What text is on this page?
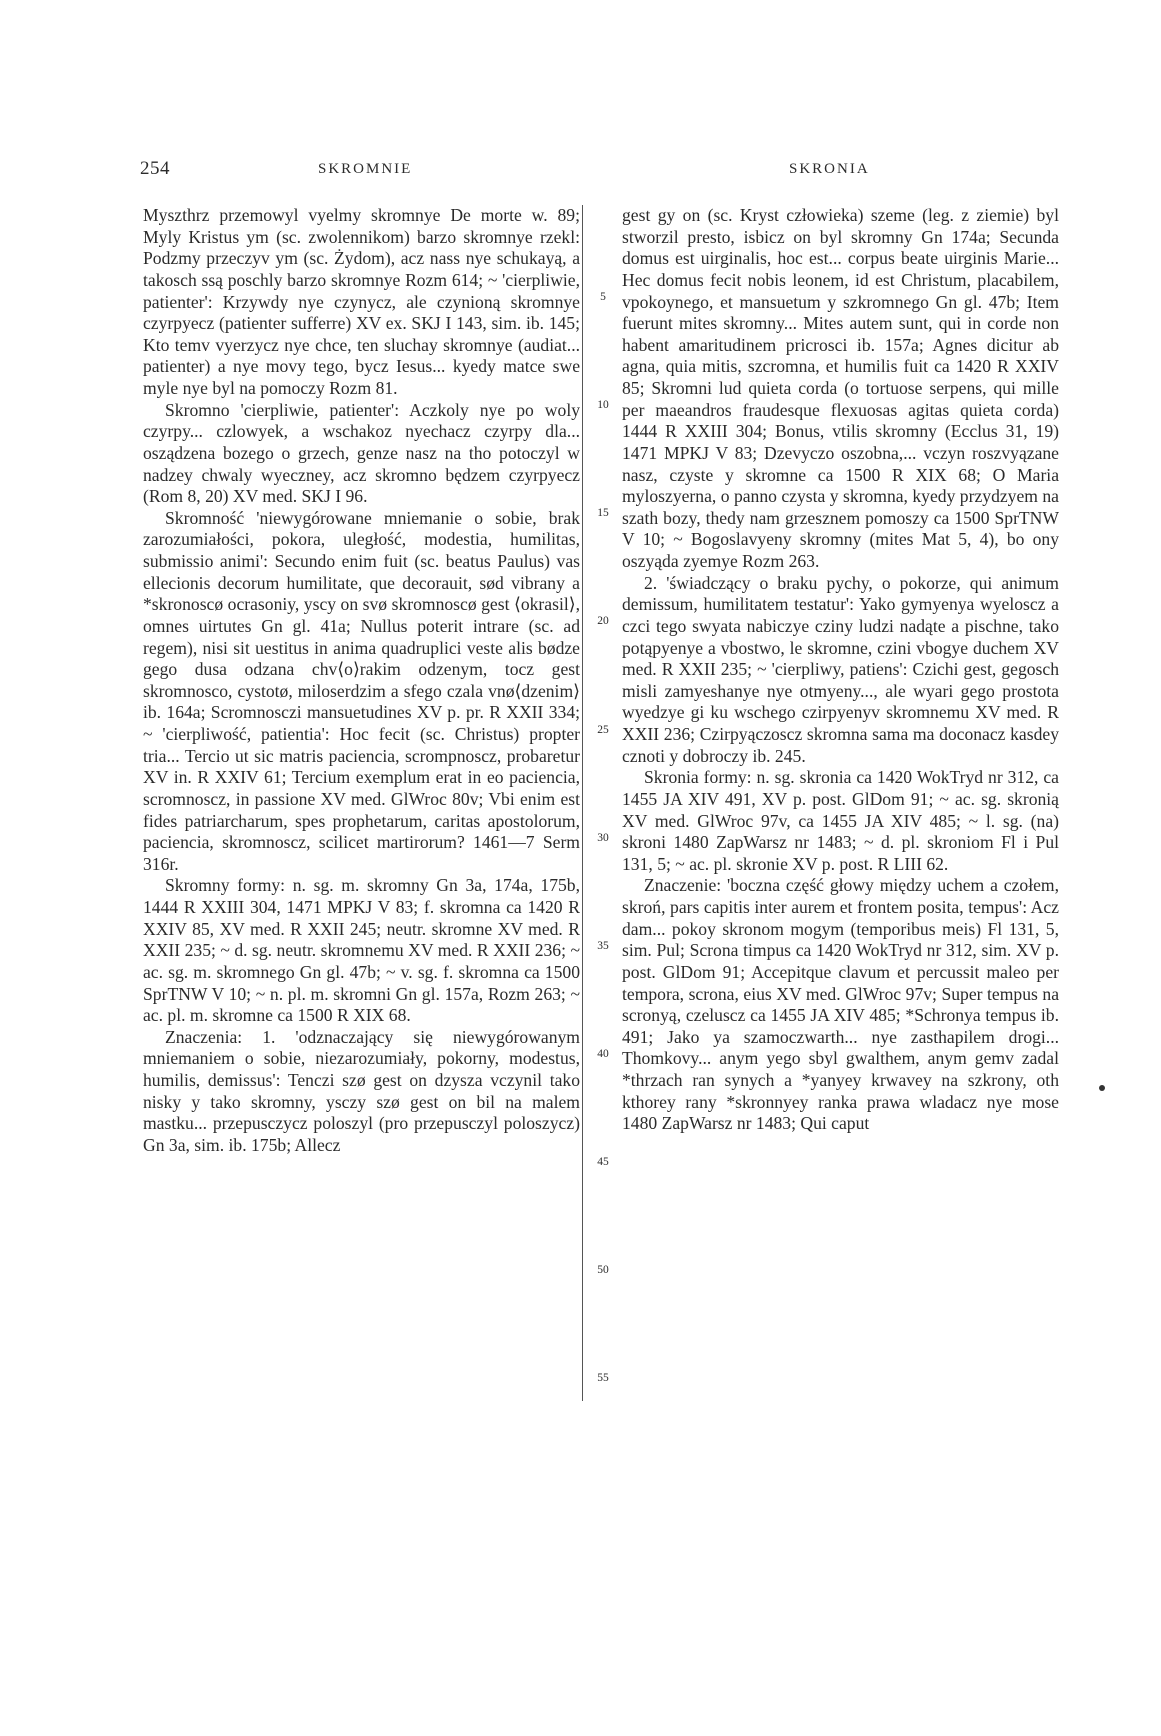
254	SKROMNIE	SKRONIA

Myszthrz przemowyl vyelmy skromnye De morte w. 89; Myly Kristus ym (sc. zwolennikom) barzo skromnye rzekl: Podzmy przeczyv ym (sc. Żydom), acz nass nye schukayą, a takosch ssą poschly barzo skromnye Rozm 614; ~ 'cierpliwie, patienter': Krzywdy nye czynycz, ale czynioną skromnye czyrpyecz (patienter sufferre) XV ex. SKJ I 143, sim. ib. 145; Kto temv vyerzycz nye chce, ten sluchay skromnye (audiat... patienter) a nye movy tego, bycz Iesus... kyedy matce swe myle nye byl na pomoczy Rozm 81.

Skromno 'cierpliwie, patienter': Aczkoly nye po woly czyrpy... czlowyek, a wschakoz nyechacz czyrpy dla... osządzena bozego o grzech, genze nasz na tho potoczyl w nadzey chwaly wyeczney, acz skromno będzem czyrpyecz (Rom 8, 20) XV med. SKJ I 96.

Skromność 'niewygórowane mniemanie o sobie, brak zarozumiałości, pokora, uległość, modestia, humilitas, submissio animi': Secundo enim fuit (sc. beatus Paulus) vas ellecionis decorum humilitate, que decorauit, sød vibrany a *skronoscø ocrasoniy, yscy on svø skromnoscø gest ⟨okrasil⟩, omnes uirtutes Gn gl. 41a; Nullus poterit intrare (sc. ad regem), nisi sit uestitus in anima quadruplici veste alis bødze gego dusa odzana chv⟨o⟩rakim odzenym, tocz gest skromnosco, cystotø, miloserdzim a sfego czala vnø⟨dzenim⟩ ib. 164a; Scromnosczi mansuetudines XV p. pr. R XXII 334; ~ 'cierpliwość, patientia': Hoc fecit (sc. Christus) propter tria... Tercio ut sic matris paciencia, scrompnoscz, probaretur XV in. R XXIV 61; Tercium exemplum erat in eo paciencia, scromnoscz, in passione XV med. GlWroc 80v; Vbi enim est fides patriarcharum, spes prophetarum, caritas apostolorum, paciencia, skromnoscz, scilicet martirorum? 1461—7 Serm 316r.

Skromny formy: n. sg. m. skromny Gn 3a, 174a, 175b, 1444 R XXIII 304, 1471 MPKJ V 83; f. skromna ca 1420 R XXIV 85, XV med. R XXII 245; neutr. skromne XV med. R XXII 235; ~ d. sg. neutr. skromnemu XV med. R XXII 236; ~ ac. sg. m. skromnego Gn gl. 47b; ~ v. sg. f. skromna ca 1500 SprTNW V 10; ~ n. pl. m. skromni Gn gl. 157a, Rozm 263; ~ ac. pl. m. skromne ca 1500 R XIX 68.

Znaczenia: 1. 'odznaczający się niewygórowanym mniemaniem o sobie, niezarozumiały, pokorny, modestus, humilis, demissus': Tenczi szø gest on dzysza vczynil tako nisky y tako skromny, ysczy szø gest on bil na malem mastku... przepusczycz poloszyl (pro przepusczyl poloszycz) Gn 3a, sim. ib. 175b; Allecz

5
10
15
20
25
30
35
40
45
50
55

gest gy on (sc. Kryst człowieka) szeme (leg. z ziemie) byl stworzil presto, isbicz on byl skromny Gn 174a; Secunda domus est uirginalis, hoc est... corpus beate uirginis Marie... Hec domus fecit nobis leonem, id est Christum, placabilem, vpokoynego, et mansuetum y szkromnego Gn gl. 47b; Item fuerunt mites skromny... Mites autem sunt, qui in corde non habent amaritudinem pricrosci ib. 157a; Agnes dicitur ab agna, quia mitis, szcromna, et humilis fuit ca 1420 R XXIV 85; Skromni lud quieta corda (o tortuose serpens, qui mille per maeandros fraudesque flexuosas agitas quieta corda) 1444 R XXIII 304; Bonus, vtilis skromny (Ecclus 31, 19) 1471 MPKJ V 83; Dzevyczo oszobna,... vczyn roszvyązane nasz, czyste y skromne ca 1500 R XIX 68; O Maria myloszyerna, o panno czysta y skromna, kyedy przydzyem na szath bozy, thedy nam grzesznem pomoszy ca 1500 SprTNW V 10; ~ Bogoslavyeny skromny (mites Mat 5, 4), bo ony oszyąda zyemye Rozm 263.

2. 'świadczący o braku pychy, o pokorze, qui animum demissum, humilitatem testatur': Yako gymyenya wyeloscz a czci tego swyata nabiczye cziny ludzi nadąte a pischne, tako potąpyenye a vbostwo, le skromne, czini vbogye duchem XV med. R XXII 235; ~ 'cierpliwy, patiens': Czichi gest, gegosch misli zamyeshanye nye otmyeny..., ale wyari gego prostota wyedzye gi ku wschego czirpyenyv skromnemu XV med. R XXII 236; Czirpyączoscz skromna sama ma doconacz kasdey cznoti y dobroczy ib. 245.

Skronia formy: n. sg. skronia ca 1420 WokTryd nr 312, ca 1455 JA XIV 491, XV p. post. GlDom 91; ~ ac. sg. skronią XV med. GlWroc 97v, ca 1455 JA XIV 485; ~ l. sg. (na) skroni 1480 ZapWarsz nr 1483; ~ d. pl. skroniom Fl i Pul 131, 5; ~ ac. pl. skronie XV p. post. R LIII 62.

Znaczenie: 'boczna część głowy między uchem a czołem, skroń, pars capitis inter aurem et frontem posita, tempus': Acz dam... pokoy skronom mogym (temporibus meis) Fl 131, 5, sim. Pul; Scrona timpus ca 1420 WokTryd nr 312, sim. XV p. post. GlDom 91; Accepitque clavum et percussit maleo per tempora, scrona, eius XV med. GlWroc 97v; Super tempus na scronyą, czeluscz ca 1455 JA XIV 485; *Schronya tempus ib. 491; Jako ya szamoczwarth... nye zasthapilem drogi... Thomkovy... anym yego sbyl gwalthem, anym gemv zadal *thrzach ran synych a *yanyey krwavey na szkrony, oth kthorey rany *skronnyey ranka prawa wladacz nye mose 1480 ZapWarsz nr 1483; Qui caput
